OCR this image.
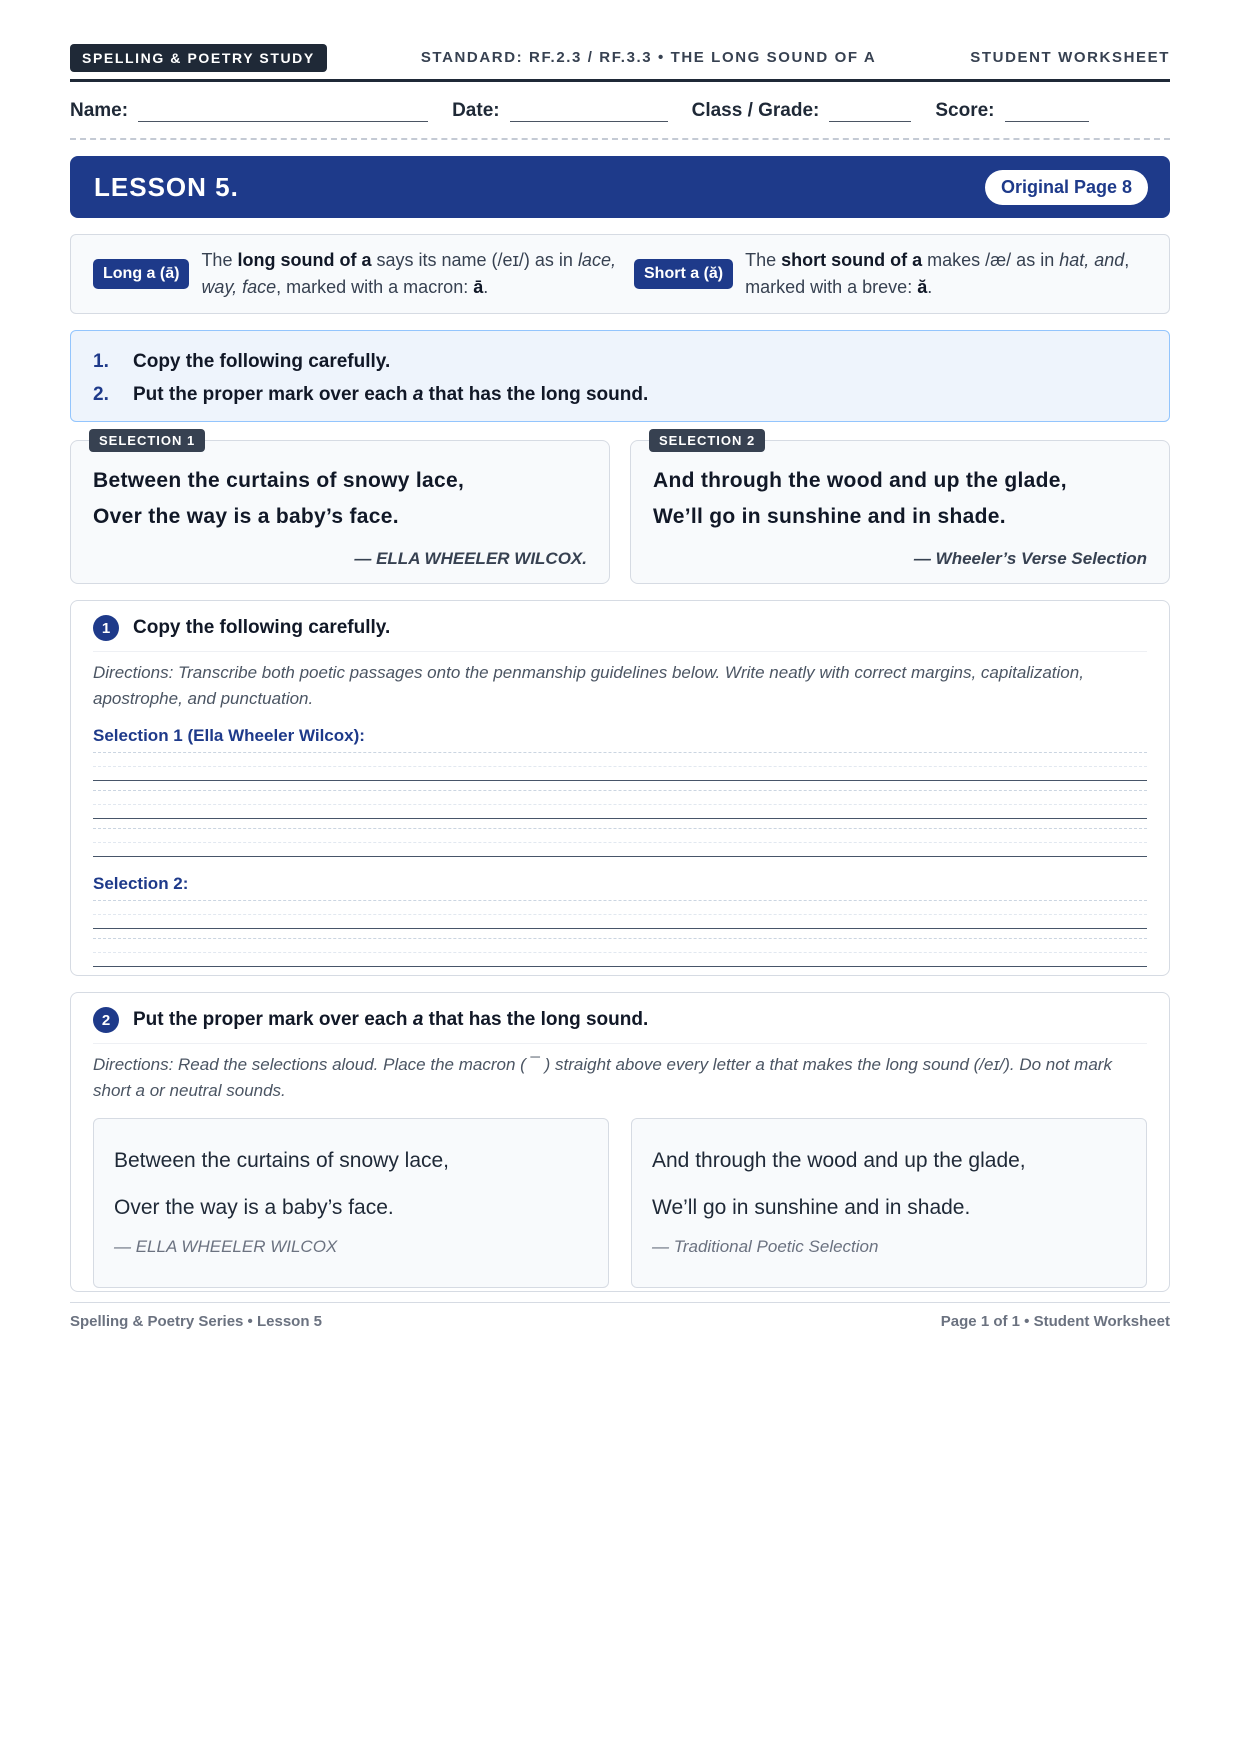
SPELLING & POETRY STUDY	STANDARD: RF.2.3 / RF.3.3 • THE LONG SOUND OF A	STUDENT WORKSHEET
Name:	Date:	Class / Grade:	Score:
LESSON 5.	Original Page 8
Long a (ā)
The long sound of a says its name (/eɪ/) as in lace, way, face, marked with a macron: ā.
Short a (ă)
The short sound of a makes /æ/ as in hat, and, marked with a breve: ă.
1.	Copy the following carefully.
2.	Put the proper mark over each a that has the long sound.
SELECTION 1
Between the curtains of snowy lace,
Over the way is a baby’s face.
— ELLA WHEELER WILCOX.
SELECTION 2
And through the wood and up the glade,
We’ll go in sunshine and in shade.
— Wheeler’s Verse Selection
1	Copy the following carefully.
Directions: Transcribe both poetic passages onto the penmanship guidelines below. Write neatly with correct margins, capitalization, apostrophe, and punctuation.
Selection 1 (Ella Wheeler Wilcox):
Selection 2:
2	Put the proper mark over each a that has the long sound.
Directions: Read the selections aloud. Place the macron ( ¯ ) straight above every letter a that makes the long sound (/eɪ/). Do not mark short a or neutral sounds.
Between the curtains of snowy lace,
Over the way is a baby’s face.
— ELLA WHEELER WILCOX
And through the wood and up the glade,
We’ll go in sunshine and in shade.
— Traditional Poetic Selection
Spelling & Poetry Series • Lesson 5	Page 1 of 1 • Student Worksheet
